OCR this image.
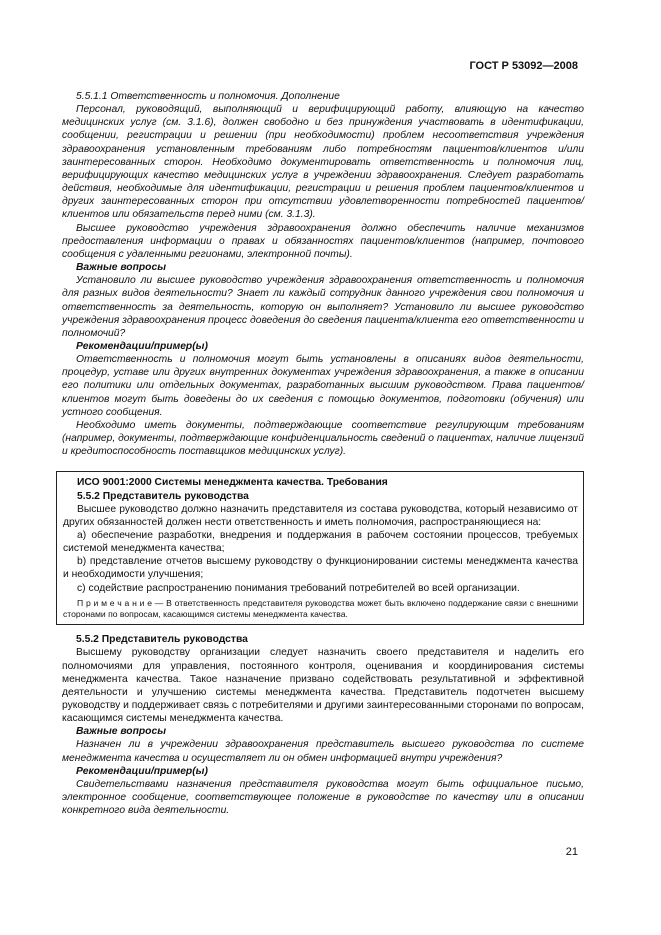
ГОСТ Р 53092—2008

5.5.1.1 Ответственность и полномочия. Дополнение

Персонал, руководящий, выполняющий и верифицирующий работу, влияющую на качество медицинских услуг (см. 3.1.6), должен свободно и без принуждения участвовать в идентификации, сообщении, регистрации и решении (при необходимости) проблем несоответствия учреждения здравоохранения установленным требованиям либо потребностям пациентов/клиентов и/или заинтересованных сторон. Необходимо документировать ответственность и полномочия лиц, верифицирующих качество медицинских услуг в учреждении здравоохранения. Следует разработать действия, необходимые для идентификации, регистрации и решения проблем пациентов/клиентов и других заинтересованных сторон при отсутствии удовлетворенности потребностей пациентов/клиентов или обязательств перед ними (см. 3.1.3).

Высшее руководство учреждения здравоохранения должно обеспечить наличие механизмов предоставления информации о правах и обязанностях пациентов/клиентов (например, почтового сообщения с удаленными регионами, электронной почты).

Важные вопросы

Установило ли высшее руководство учреждения здравоохранения ответственность и полномочия для разных видов деятельности? Знает ли каждый сотрудник данного учреждения свои полномочия и ответственность за деятельность, которую он выполняет? Установило ли высшее руководство учреждения здравоохранения процесс доведения до сведения пациента/клиента его ответственности и полномочий?

Рекомендации/пример(ы)

Ответственность и полномочия могут быть установлены в описаниях видов деятельности, процедур, уставе или других внутренних документах учреждения здравоохранения, а также в описании его политики или отдельных документах, разработанных высшим руководством. Права пациентов/клиентов могут быть доведены до их сведения с помощью документов, подготовки (обучения) или устного сообщения.

Необходимо иметь документы, подтверждающие соответствие регулирующим требованиям (например, документы, подтверждающие конфиденциальность сведений о пациентах, наличие лицензий и кредитоспособность поставщиков медицинских услуг).

ИСО 9001:2000 Системы менеджмента качества. Требования

5.5.2 Представитель руководства

Высшее руководство должно назначить представителя из состава руководства, который независимо от других обязанностей должен нести ответственность и иметь полномочия, распространяющиеся на:

а) обеспечение разработки, внедрения и поддержания в рабочем состоянии процессов, требуемых системой менеджмента качества;

b) представление отчетов высшему руководству о функционировании системы менеджмента качества и необходимости улучшения;

с) содействие распространению понимания требований потребителей во всей организации.

П р и м е ч а н и е — В ответственность представителя руководства может быть включено поддержание связи с внешними сторонами по вопросам, касающимся системы менеджмента качества.

5.5.2 Представитель руководства

Высшему руководству организации следует назначить своего представителя и наделить его полномочиями для управления, постоянного контроля, оценивания и координирования системы менеджмента качества. Такое назначение призвано содействовать результативной и эффективной деятельности и улучшению системы менеджмента качества. Представитель подотчетен высшему руководству и поддерживает связь с потребителями и другими заинтересованными сторонами по вопросам, касающимся системы менеджмента качества.

Важные вопросы

Назначен ли в учреждении здравоохранения представитель высшего руководства по системе менеджмента качества и осуществляет ли он обмен информацией внутри учреждения?

Рекомендации/пример(ы)

Свидетельствами назначения представителя руководства могут быть официальное письмо, электронное сообщение, соответствующее положение в руководстве по качеству или в описании конкретного вида деятельности.

21
